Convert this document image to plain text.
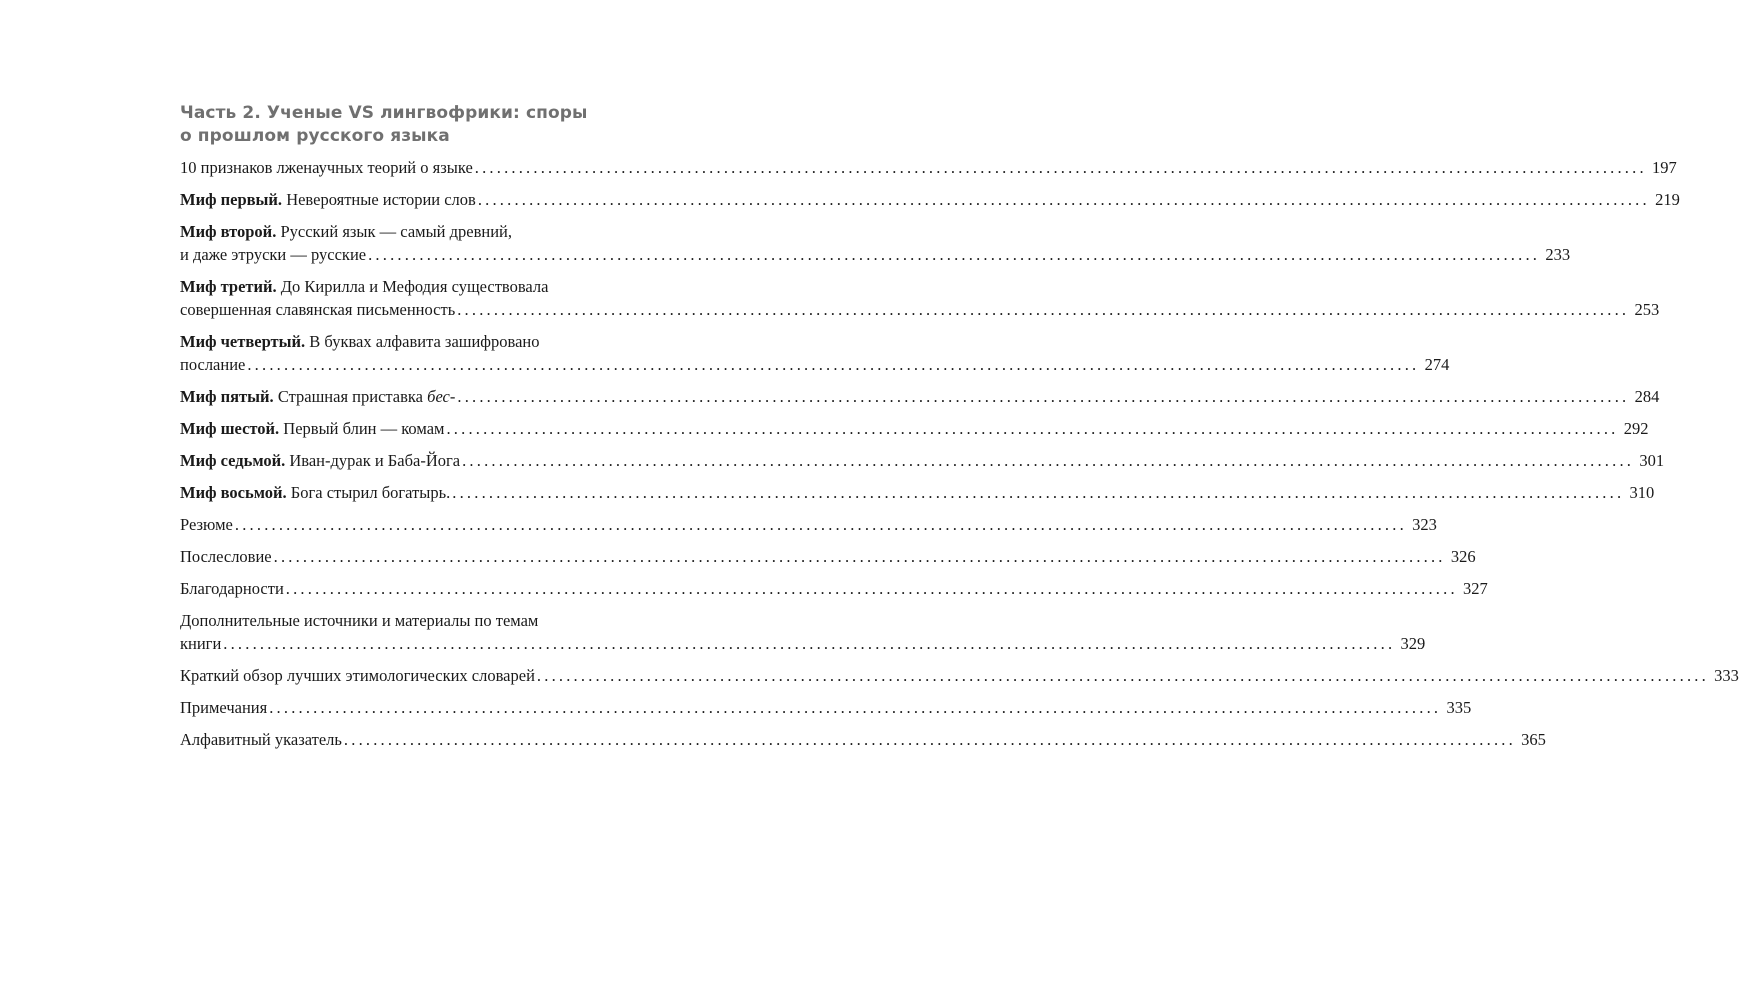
Часть 2. Ученые VS лингвофрики: споры
о прошлом русского языка
10 признаков лженаучных теорий о языке ................................................................................................................................................................ 197
Миф первый. Невероятные истории слов ................................................................................................................................................................ 219
Миф второй. Русский язык — самый древний,
и даже этруски — русские ................................................................................................................................................................ 233
Миф третий. До Кирилла и Мефодия существовала
совершенная славянская письменность ................................................................................................................................................................ 253
Миф четвертый. В буквах алфавита зашифровано
послание ................................................................................................................................................................ 274
Миф пятый. Страшная приставка бес- ................................................................................................................................................................ 284
Миф шестой. Первый блин — комам ................................................................................................................................................................ 292
Миф седьмой. Иван-дурак и Баба-Йога ................................................................................................................................................................ 301
Миф восьмой. Бога стырил богатырь. ................................................................................................................................................................ 310
Резюме ................................................................................................................................................................ 323
Послесловие ................................................................................................................................................................ 326
Благодарности ................................................................................................................................................................ 327
Дополнительные источники и материалы по темам
книги ................................................................................................................................................................ 329
Краткий обзор лучших этимологических словарей ................................................................................................................................................................ 333
Примечания ................................................................................................................................................................ 335
Алфавитный указатель ................................................................................................................................................................ 365
